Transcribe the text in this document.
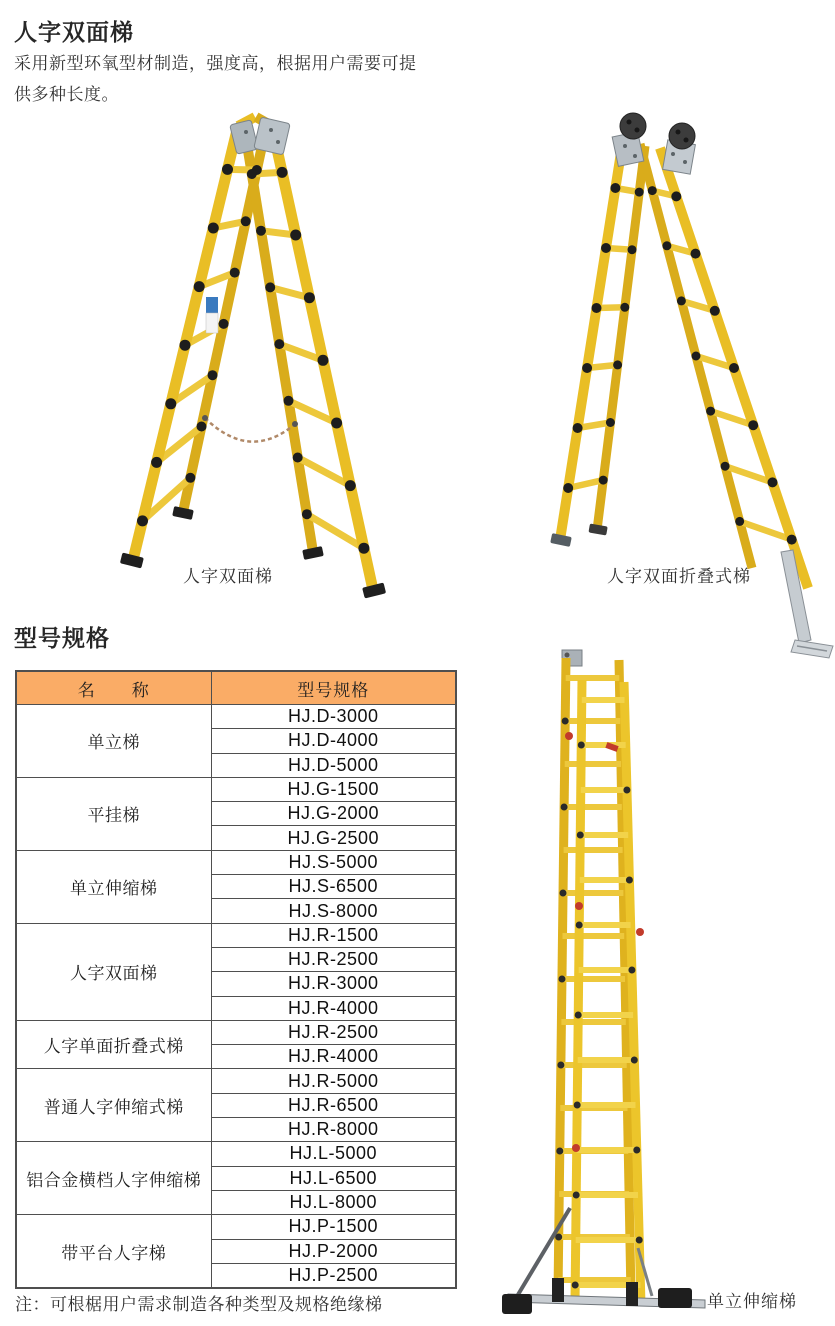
人字双面梯
采用新型环氧型材制造，强度高，根据用户需要可提
供多种长度。
人字双面梯	人字双面折叠式梯
型号规格
名　　称	型号规格
单立梯	HJ.D-3000
	HJ.D-4000
	HJ.D-5000
平挂梯	HJ.G-1500
	HJ.G-2000
	HJ.G-2500
单立伸缩梯	HJ.S-5000
	HJ.S-6500
	HJ.S-8000
人字双面梯	HJ.R-1500
	HJ.R-2500
	HJ.R-3000
	HJ.R-4000
人字单面折叠式梯	HJ.R-2500
	HJ.R-4000
普通人字伸缩式梯	HJ.R-5000
	HJ.R-6500
	HJ.R-8000
铝合金横档人字伸缩梯	HJ.L-5000
	HJ.L-6500
	HJ.L-8000
带平台人字梯	HJ.P-1500
	HJ.P-2000
	HJ.P-2500
注：可根椐用户需求制造各种类型及规格绝缘梯	单立伸缩梯
